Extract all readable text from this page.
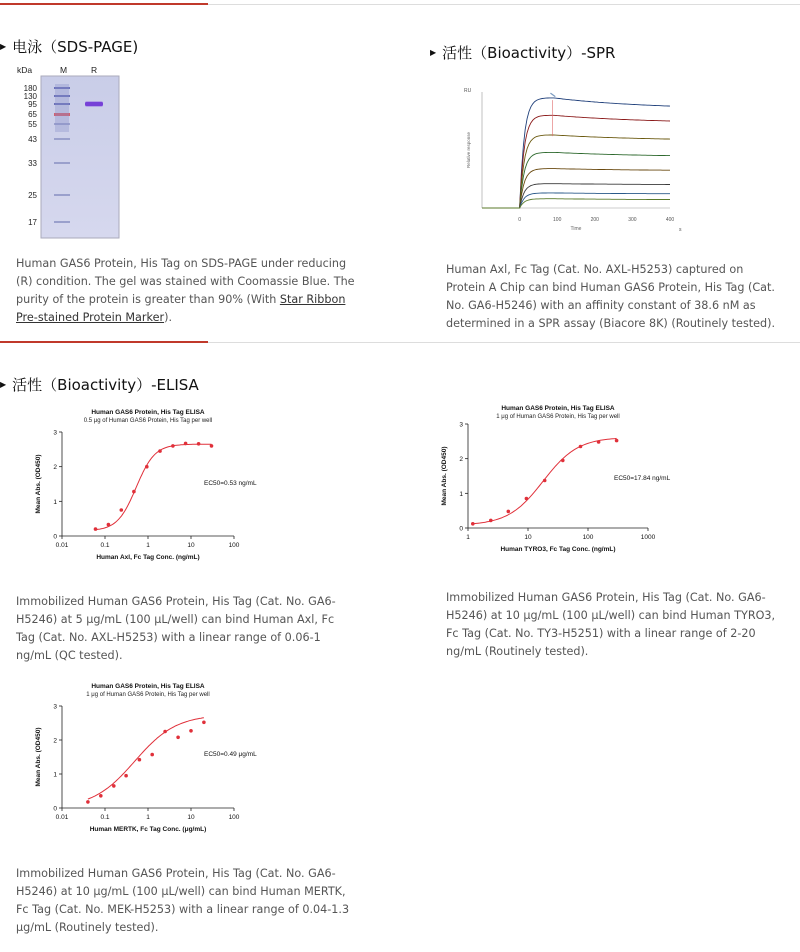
▶ 电泳（SDS-PAGE)	▶ 活性（Bioactivity）-SPR
▶ 活性（Bioactivity）-ELISA
kDa	M	R
180
130
95
65
55
43
33
25
17
RU
s
Relative response
Time
0	100	200	300	400
Human GAS6 Protein, His Tag ELISA
0.5 μg of Human GAS6 Protein, His Tag per well
0
1
2
3
0.01	0.1	1	10	100
Human Axl, Fc Tag Conc. (ng/mL)
Mean Abs. (OD450)	EC50=0.53 ng/mL
Human GAS6 Protein, His Tag ELISA
1 μg of Human GAS6 Protein, His Tag per well
0
1
2
3
1	10	100	1000
Human TYRO3, Fc Tag Conc. (ng/mL)
Mean Abs. (OD450)	EC50=17.84 ng/mL
Human GAS6 Protein, His Tag ELISA
1 μg of Human GAS6 Protein, His Tag per well
0
1
2
3
0.01	0.1	1	10	100
Human MERTK, Fc Tag Conc. (μg/mL)
Mean Abs. (OD450)	EC50=0.49 μg/mL
Human GAS6 Protein, His Tag on SDS-PAGE under reducing (R) condition. The gel was stained with Coomassie Blue. The purity of the protein is greater than 90% (With Star Ribbon Pre-stained Protein Marker).
Human Axl, Fc Tag (Cat. No. AXL-H5253) captured on Protein A Chip can bind Human GAS6 Protein, His Tag (Cat. No. GA6-H5246) with an affinity constant of 38.6 nM as determined in a SPR assay (Biacore 8K) (Routinely tested).
Immobilized Human GAS6 Protein, His Tag (Cat. No. GA6-H5246) at 5 μg/mL (100 μL/well) can bind Human Axl, Fc Tag (Cat. No. AXL-H5253) with a linear range of 0.06-1 ng/mL (QC tested).
Immobilized Human GAS6 Protein, His Tag (Cat. No. GA6-H5246) at 10 μg/mL (100 μL/well) can bind Human TYRO3, Fc Tag (Cat. No. TY3-H5251) with a linear range of 2-20 ng/mL (Routinely tested).
Immobilized Human GAS6 Protein, His Tag (Cat. No. GA6-H5246) at 10 μg/mL (100 μL/well) can bind Human MERTK, Fc Tag (Cat. No. MEK-H5253) with a linear range of 0.04-1.3 μg/mL (Routinely tested).
